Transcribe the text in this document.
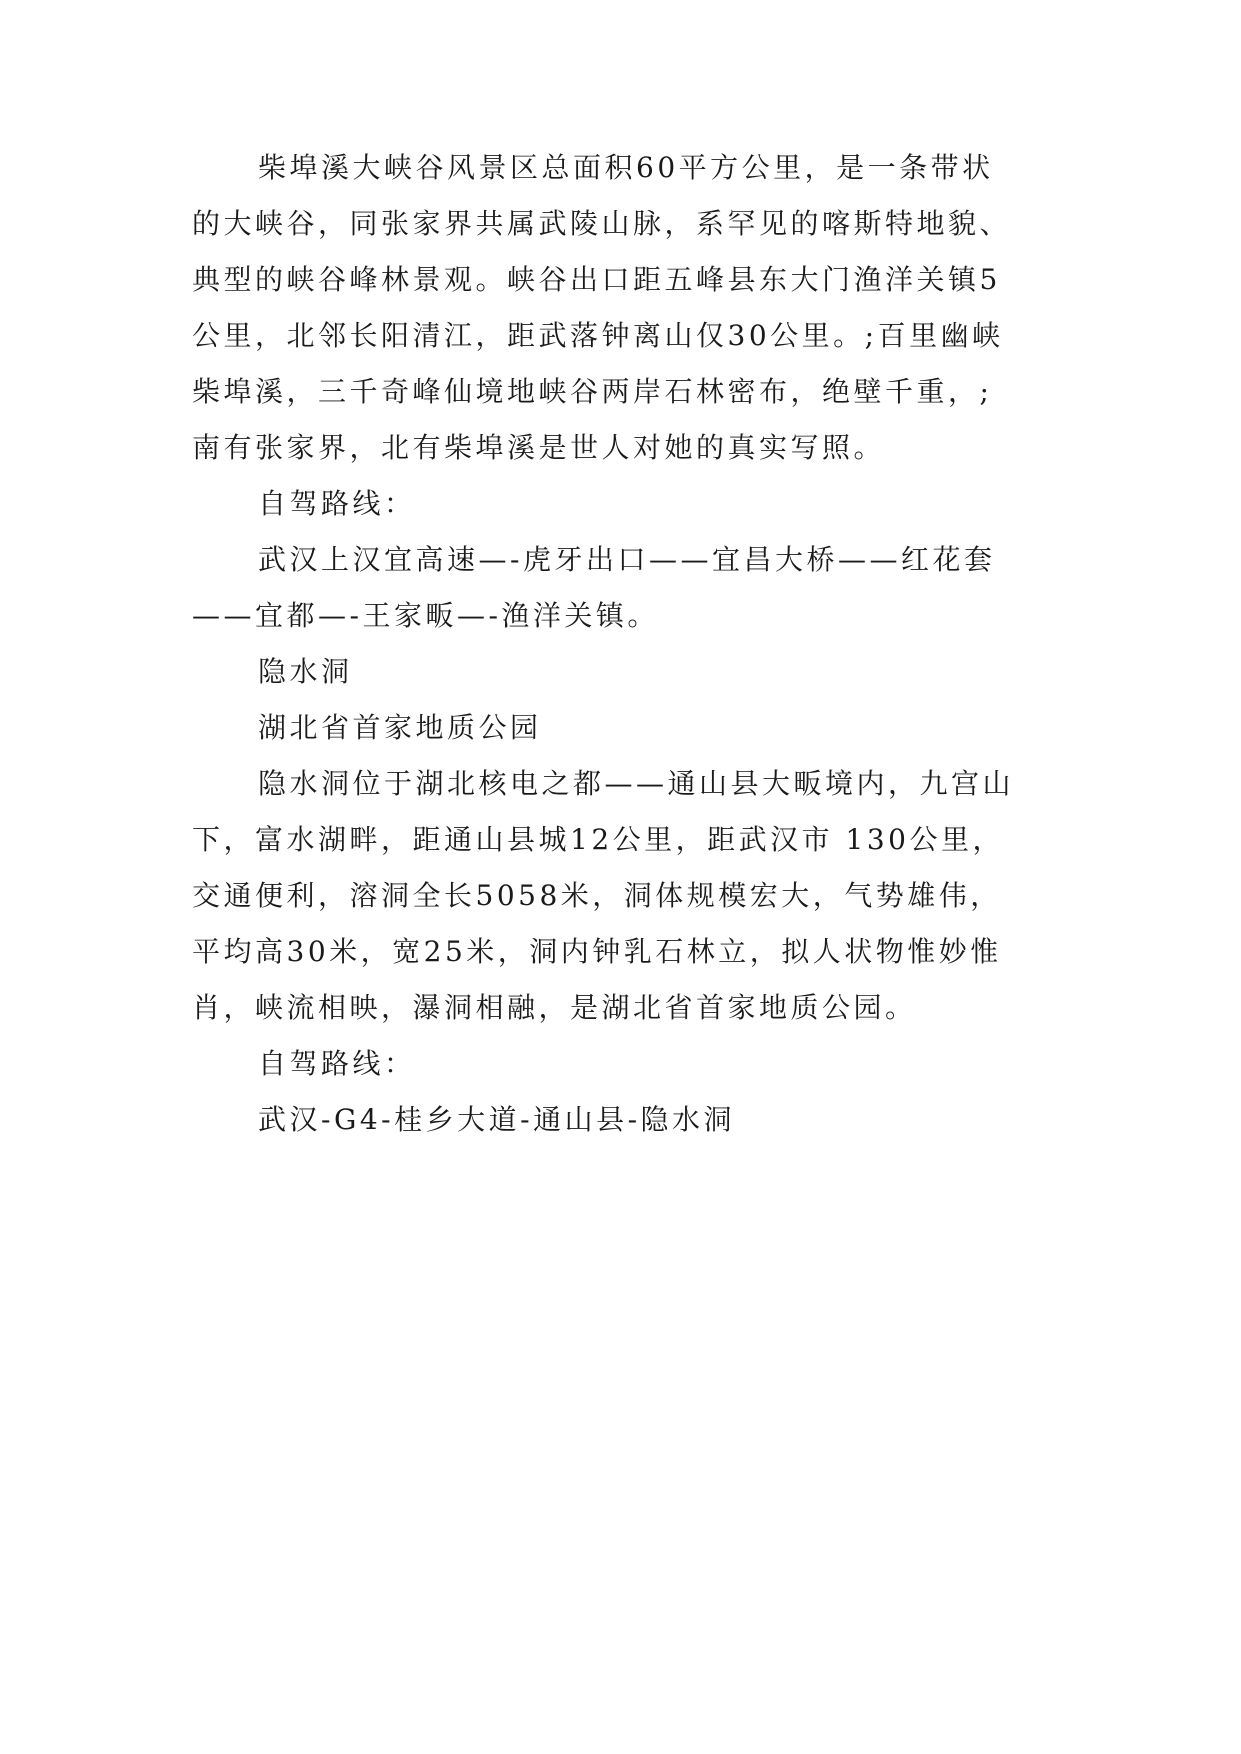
柴埠溪大峡谷风景区总面积60平方公里，是一条带状
的大峡谷，同张家界共属武陵山脉，系罕见的喀斯特地貌、
典型的峡谷峰林景观。峡谷出口距五峰县东大门渔洋关镇5
公里，北邻长阳清江，距武落钟离山仅30公里。;百里幽峡
柴埠溪，三千奇峰仙境地峡谷两岸石林密布，绝壁千重，;
南有张家界，北有柴埠溪是世人对她的真实写照。
自驾路线：
武汉上汉宜高速—-虎牙出口——宜昌大桥——红花套
——宜都—-王家畈—-渔洋关镇。
隐水洞
湖北省首家地质公园
隐水洞位于湖北核电之都——通山县大畈境内，九宫山
下，富水湖畔，距通山县城12公里，距武汉市 130公里，
交通便利，溶洞全长5058米，洞体规模宏大，气势雄伟，
平均高30米，宽25米，洞内钟乳石林立，拟人状物惟妙惟
肖，峡流相映，瀑洞相融，是湖北省首家地质公园。
自驾路线：
武汉-G4-桂乡大道-通山县-隐水洞
